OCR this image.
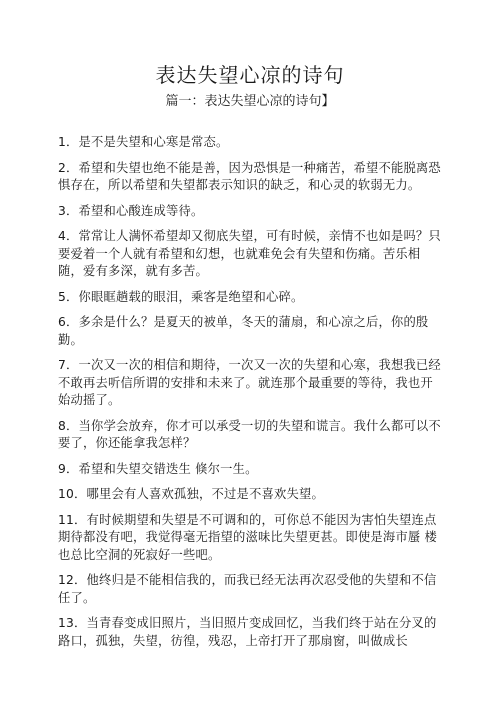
表达失望心凉的诗句
篇一：表达失望心凉的诗句】
1．是不是失望和心寒是常态。
2．希望和失望也绝不能是善，因为恐惧是一种痛苦，希望不能脱离恐惧存在，所以希望和失望都表示知识的缺乏，和心灵的软弱无力。
3．希望和心酸连成等待。
4．常常让人满怀希望却又彻底失望，可有时候，亲情不也如是吗？只要爱着一个人就有希望和幻想，也就难免会有失望和伤痛。苦乐相随，爱有多深，就有多苦。
5．你眼眶趟载的眼泪，乘客是绝望和心碎。
6．多余是什么？是夏天的被单，冬天的蒲扇，和心凉之后，你的殷勤。
7．一次又一次的相信和期待，一次又一次的失望和心寒，我想我已经不敢再去听信所谓的安排和未来了。就连那个最重要的等待，我也开始动摇了。
8．当你学会放弃，你才可以承受一切的失望和谎言。我什么都可以不要了，你还能拿我怎样？
9．希望和失望交错迭生 倏尔一生。
10．哪里会有人喜欢孤独，不过是不喜欢失望。
11．有时候期望和失望是不可调和的，可你总不能因为害怕失望连点 期待都没有吧，我觉得毫无指望的滋味比失望更甚。即使是海市蜃 楼也总比空洞的死寂好一些吧。
12．他终归是不能相信我的，而我已经无法再次忍受他的失望和不信任了。
13．当青春变成旧照片，当旧照片变成回忆，当我们终于站在分叉的路口，孤独，失望，彷徨，残忍，上帝打开了那扇窗，叫做成长
